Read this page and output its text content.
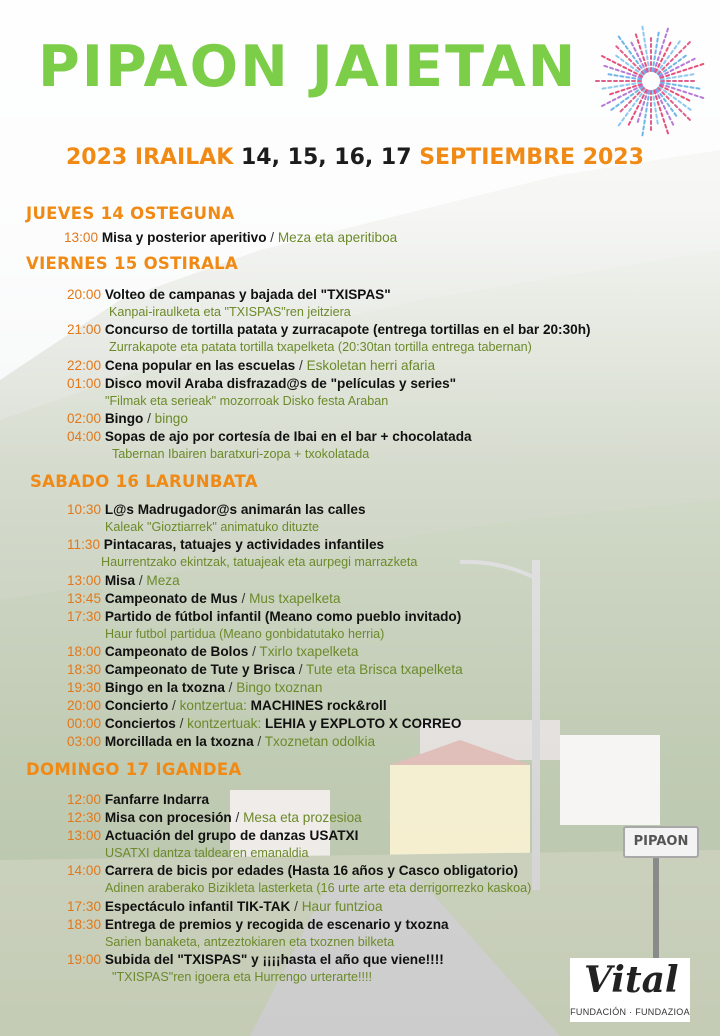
PIPAON JAIETAN
2023 IRAILAK 14, 15, 16, 17 SEPTIEMBRE 2023
JUEVES 14 OSTEGUNA
13:00 Misa y posterior aperitivo / Meza eta aperitiboa
VIERNES 15 OSTIRALA
20:00 Volteo de campanas y bajada del "TXISPAS"
Kanpai-iraulketa eta "TXISPAS"ren jeitziera
21:00 Concurso de tortilla patata y zurracapote (entrega tortillas en el bar 20:30h)
Zurrakapote eta patata tortilla txapelketa (20:30tan tortilla entrega tabernan)
22:00 Cena popular en las escuelas / Eskoletan herri afaria
01:00 Disco movil Araba disfrazad@s de "películas y series"
"Filmak eta serieak" mozorroak Disko festa Araban
02:00 Bingo / bingo
04:00 Sopas de ajo por cortesía de Ibai en el bar + chocolatada
Tabernan Ibairen baratxuri-zopa + txokolatada
SABADO 16 LARUNBATA
10:30 L@s Madrugador@s animarán las calles
Kaleak "Gioztiarrek" animatuko dituzte
11:30 Pintacaras, tatuajes y actividades infantiles
Haurrentzako ekintzak, tatuajeak eta aurpegi marrazketa
13:00 Misa / Meza
13:45 Campeonato de Mus / Mus txapelketa
17:30 Partido de fútbol infantil (Meano como pueblo invitado)
Haur futbol partidua (Meano gonbidatutako herria)
18:00 Campeonato de Bolos / Txirlo txapelketa
18:30 Campeonato de Tute y Brisca / Tute eta Brisca txapelketa
19:30 Bingo en la txozna / Bingo txoznan
20:00 Concierto / kontzertua: MACHINES rock&roll
00:00 Conciertos / kontzertuak: LEHIA y EXPLOTO X CORREO
03:00 Morcillada en la txozna / Txoznetan odolkia
DOMINGO 17 IGANDEA
12:00 Fanfarre Indarra
12:30 Misa con procesión / Mesa eta prozesioa
13:00 Actuación del grupo de danzas USATXI
USATXI dantza taldearen emanaldia
14:00 Carrera de bicis por edades (Hasta 16 años y Casco obligatorio)
Adinen araberako Bizikleta lasterketa (16 urte arte eta derrigorrezko kaskoa)
17:30 Espectáculo infantil TIK-TAK / Haur funtzioa
18:30 Entrega de premios y recogida de escenario y txozna
Sarien banaketa, antzeztokiaren eta txoznen bilketa
19:00 Subida del "TXISPAS" y ¡¡¡¡hasta el año que viene!!!!
"TXISPAS"ren igoera eta Hurrengo urterarte!!!!
PIPAON
Vital
FUNDACIÓN · FUNDAZIOA
